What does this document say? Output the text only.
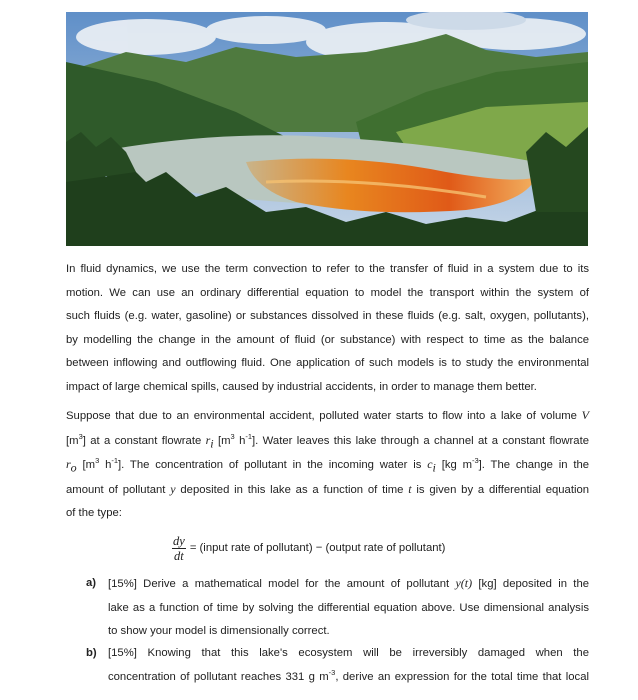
In fluid dynamics, we use the term convection to refer to the transfer of fluid in a system due to its
motion. We can use an ordinary differential equation to model the transport within the system of
such fluids (e.g. water, gasoline) or substances dissolved in these fluids (e.g. salt, oxygen, pollutants),
by modelling the change in the amount of fluid (or substance) with respect to time as the balance
between inflowing and outflowing fluid. One application of such models is to study the environmental
impact of large chemical spills, caused by industrial accidents, in order to manage them better.
Suppose that due to an environmental accident, polluted water starts to flow into a lake of volume V
$[m^3]$ at a constant flowrate $r_i$ [$m^3$ $h^{-1}$]. Water leaves this lake through a channel at a constant flowrate
$r_o$ [$m^3$ $h^{-1}$]. The concentration of pollutant in the incoming water is $c_i$ [kg $m^{-3}$]. The change in the
amount of pollutant y deposited in this lake as a function of time t is given by a differential equation
of the type:
$\frac{dy}{dt}$ = (input rate of pollutant) − (output rate of pollutant)
a) [15%] Derive a mathematical model for the amount of pollutant y(t) [kg] deposited in the
lake as a function of time by solving the differential equation above. Use dimensional analysis
to show your model is dimensionally correct.
b) [15%] Knowing that this lake's ecosystem will be irreversibly damaged when the
concentration of pollutant reaches 331 g $m^{-3}$, derive an expression for the total time that local
